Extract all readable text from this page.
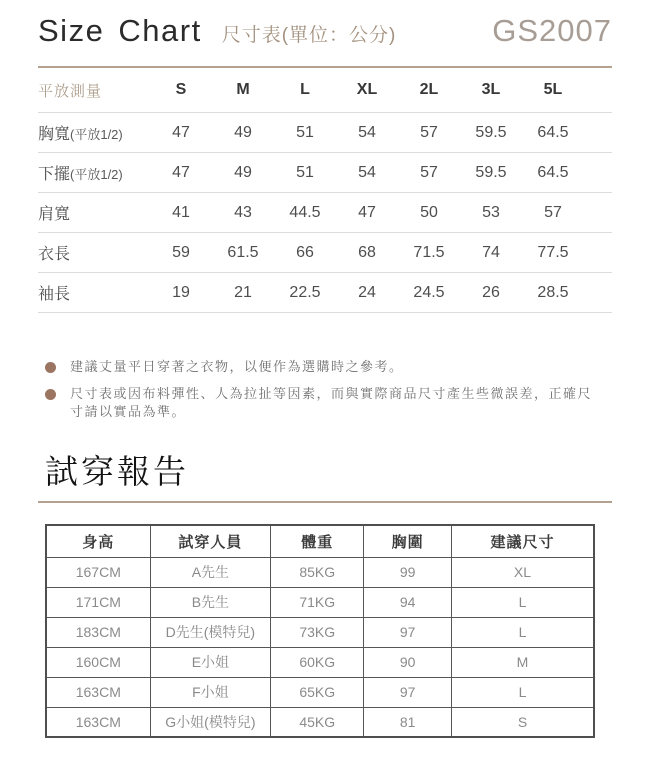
Size Chart 尺寸表(單位：公分)	GS2007
平放測量	S	M	L	XL	2L	3L	5L
胸寬(平放1/2)	47	49	51	54	57	59.5	64.5
下擺(平放1/2)	47	49	51	54	57	59.5	64.5
肩寬	41	43	44.5	47	50	53	57
衣長	59	61.5	66	68	71.5	74	77.5
袖長	19	21	22.5	24	24.5	26	28.5
建議丈量平日穿著之衣物，以便作為選購時之參考。
尺寸表或因布料彈性、人為拉扯等因素，而與實際商品尺寸產生些微誤差，正確尺寸請以實品為準。
試穿報告
身高	試穿人員	體重	胸圍	建議尺寸
167CM	A先生	85KG	99	XL
171CM	B先生	71KG	94	L
183CM	D先生(模特兒)	73KG	97	L
160CM	E小姐	60KG	90	M
163CM	F小姐	65KG	97	L
163CM	G小姐(模特兒)	45KG	81	S
